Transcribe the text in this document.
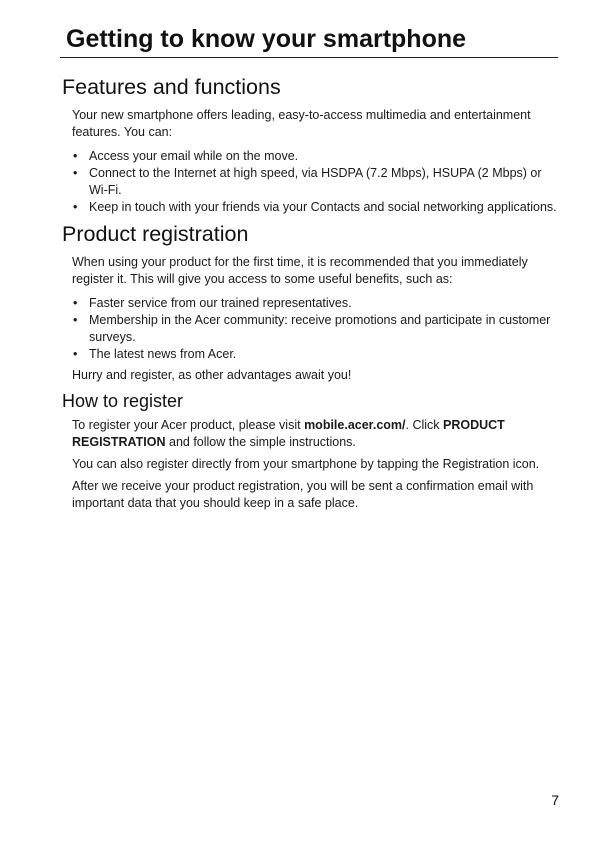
Getting to know your smartphone
Features and functions

Your new smartphone offers leading, easy-to-access multimedia and entertainment features. You can:

• Access your email while on the move.
• Connect to the Internet at high speed, via HSDPA (7.2 Mbps), HSUPA (2 Mbps) or Wi-Fi.
• Keep in touch with your friends via your Contacts and social networking applications.
Product registration

When using your product for the first time, it is recommended that you immediately register it. This will give you access to some useful benefits, such as:

• Faster service from our trained representatives.
• Membership in the Acer community: receive promotions and participate in customer surveys.
• The latest news from Acer.

Hurry and register, as other advantages await you!

How to register

To register your Acer product, please visit mobile.acer.com/. Click PRODUCT REGISTRATION and follow the simple instructions.

You can also register directly from your smartphone by tapping the Registration icon.

After we receive your product registration, you will be sent a confirmation email with important data that you should keep in a safe place.

7
